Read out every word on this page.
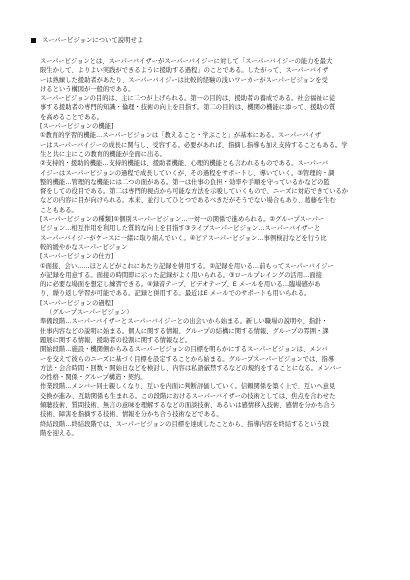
スーパービジョンについて説明せよ
スーパービジョンとは、スーパーバイザーがスーパーバイジーに対して「スーパーバイジーの能力を最大
限生かして、よりよい実践ができるように援助する過程」のことである。したがって、スーパーバイザ
ーは熟練した援助者があたり、スーパーバイジーは比較的経験の浅いワーカーがスーパービジョンを受
けるという構図が一般的である。
スーパービジョンの目的は、主に二つが上げられる。第一の目的は、援助者の養成である。社会福祉に従
事する援助者の専門的知識・倫理・技術の向上を目指す。第二の目的は、機関の機能に添って、援助の質
を高めることである。
[スーパービジョンの機能]
①教育的学習的機能…スーパービジョンは「教えること・学ぶこと」が基本にある。スーパーバイザ
ーはスーパーバイジーの成長に関与し、受容する。必要があれば、指摘し指導も加え支持することもある。学
生と共に主にこの教育的機能が全面に出る。
②支持的・援助的機能…支持的機能は、援助者機能、心理的機能とも言われるものである。スーパーバ
イジーはスーパービジョンの過程で成長していくが、その過程をサポートし、導いていく。③管理的・調
整的機能…管理的な機能には二つの面がある。第一は仕事の負担・効率や手順を守っているかなどの監
督をしての役目である。第二は専門的視点から可能な方法を示唆していくもので、ニーズに対応できているか
などの内容に目が向けられる。本来、並行してひとつであるべきだがそうでない場合もあり、葛藤を生む
こともある。
[スーパービジョンの種類]①個別スーパービジョン…一対一の関係で進められる。②グループスーパー
ビジョン…相互作用を利用した質的な向上を目指す③ライブスーパービジョン…スーパーバイザーと
スーパーバイジーがケースに一緒に取り組んでいく。④ピアスーパービジョン…事例検討などを行う比
較的緩やかなスーパービジョン
[スーパービジョンの仕方]
①面接、会い……ほとんどがこれにあたり記録を併用する。②記録を用いる…前もってスーパーバイジー
が記録を用意する。面接の時間即に示った記録がよく用いられる。③ロールプレイングの活用…面接
的に必要な場面を想定し練習できる。④録音テープ、ビデオテープ、E メールを用いる…臨場感があ
り、繰り返し学習が可能である。記録と併用する。最近はE メールでのサポートも用いられる。
[スーパービジョンの過程]
（グループスーパービジョン）
準備段階…スーパーバイザーとスーパーバイジーとの出会いから始まる。新しい職場の説明や、指針・
仕事内容などの説明に始まる。個人に関する情報、グループの結構に関する情報、グループの雰囲・課
題展に関する情報、援助者の役割に関する情報など。
開始段階…施設・機関側からみるスーパービジョンの目標を明らかにするスーパービジョンは、メンバ
ーを交えて彼らのニーズに基づく目標を設定することから始まる。グループスーパービジョンでは、指導
方法・会合時間・回数・開始日などを検討し、内容は私語厳禁するなどの規約をすることになる。メンバー
の性格・関係・グループ構造・契約。
作業段階…メンバー同士親しくなり、互いを内面に判断評価していく。信頼関係を築く上で、互いへ意見
交換が進み、互助関係も生まれる。この段階におけるスーパーバイザーの技術としては、焦点を合わせた
傾聴技術、質問技術、無言の意味を理解するなどの面談技術、あるいは感情移入技術、感情を分かち合う
技術、障害を指摘する技術、情報を分かち合う技術などである。
終結段階…終結段階では、スーパービジョンの目標を達成したことから、指導内容を終結するという段
階を迎える。
